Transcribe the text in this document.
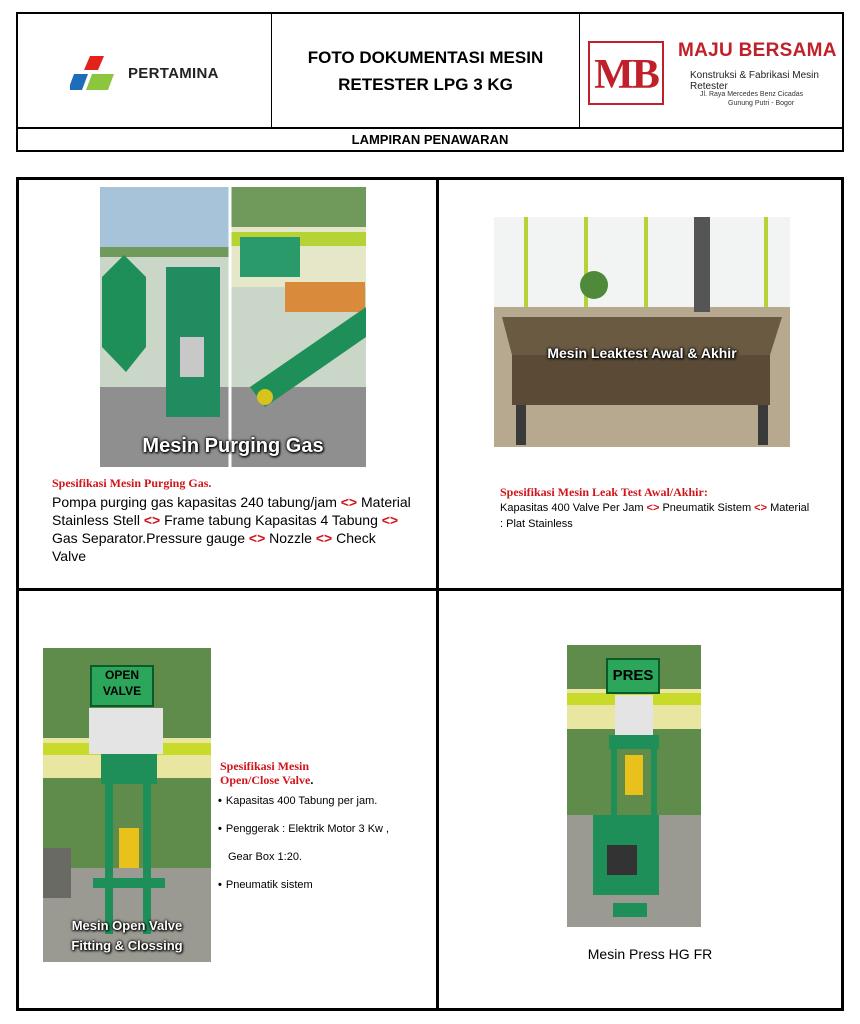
PERTAMINA
FOTO DOKUMENTASI MESIN RETESTER LPG 3 KG	MB
MAJU BERSAMA
Konstruksi & Fabrikasi Mesin Retester
Jl. Raya Mercedes Benz Cicadas
Gunung Putri - Bogor
LAMPIRAN PENAWARAN
Mesin Purging Gas
Spesifikasi Mesin Purging Gas.
Pompa purging gas kapasitas 240 tabung/jam <> Material Stainless Stell <> Frame tabung Kapasitas 4 Tabung <> Gas Separator.Pressure gauge <> Nozzle <> Check Valve
Mesin Leaktest Awal & Akhir
Spesifikasi Mesin Leak Test Awal/Akhir:
Kapasitas 400 Valve Per Jam <> Pneumatik Sistem <> Material : Plat Stainless
OPEN
VALVE
Mesin Open Valve
Fitting & Clossing
Spesifikasi Mesin
Open/Close Valve.
• Kapasitas 400 Tabung per jam.
• Penggerak : Elektrik Motor 3 Kw ,
Gear Box 1:20.
• Pneumatik sistem
PRES
Mesin Press HG FR
